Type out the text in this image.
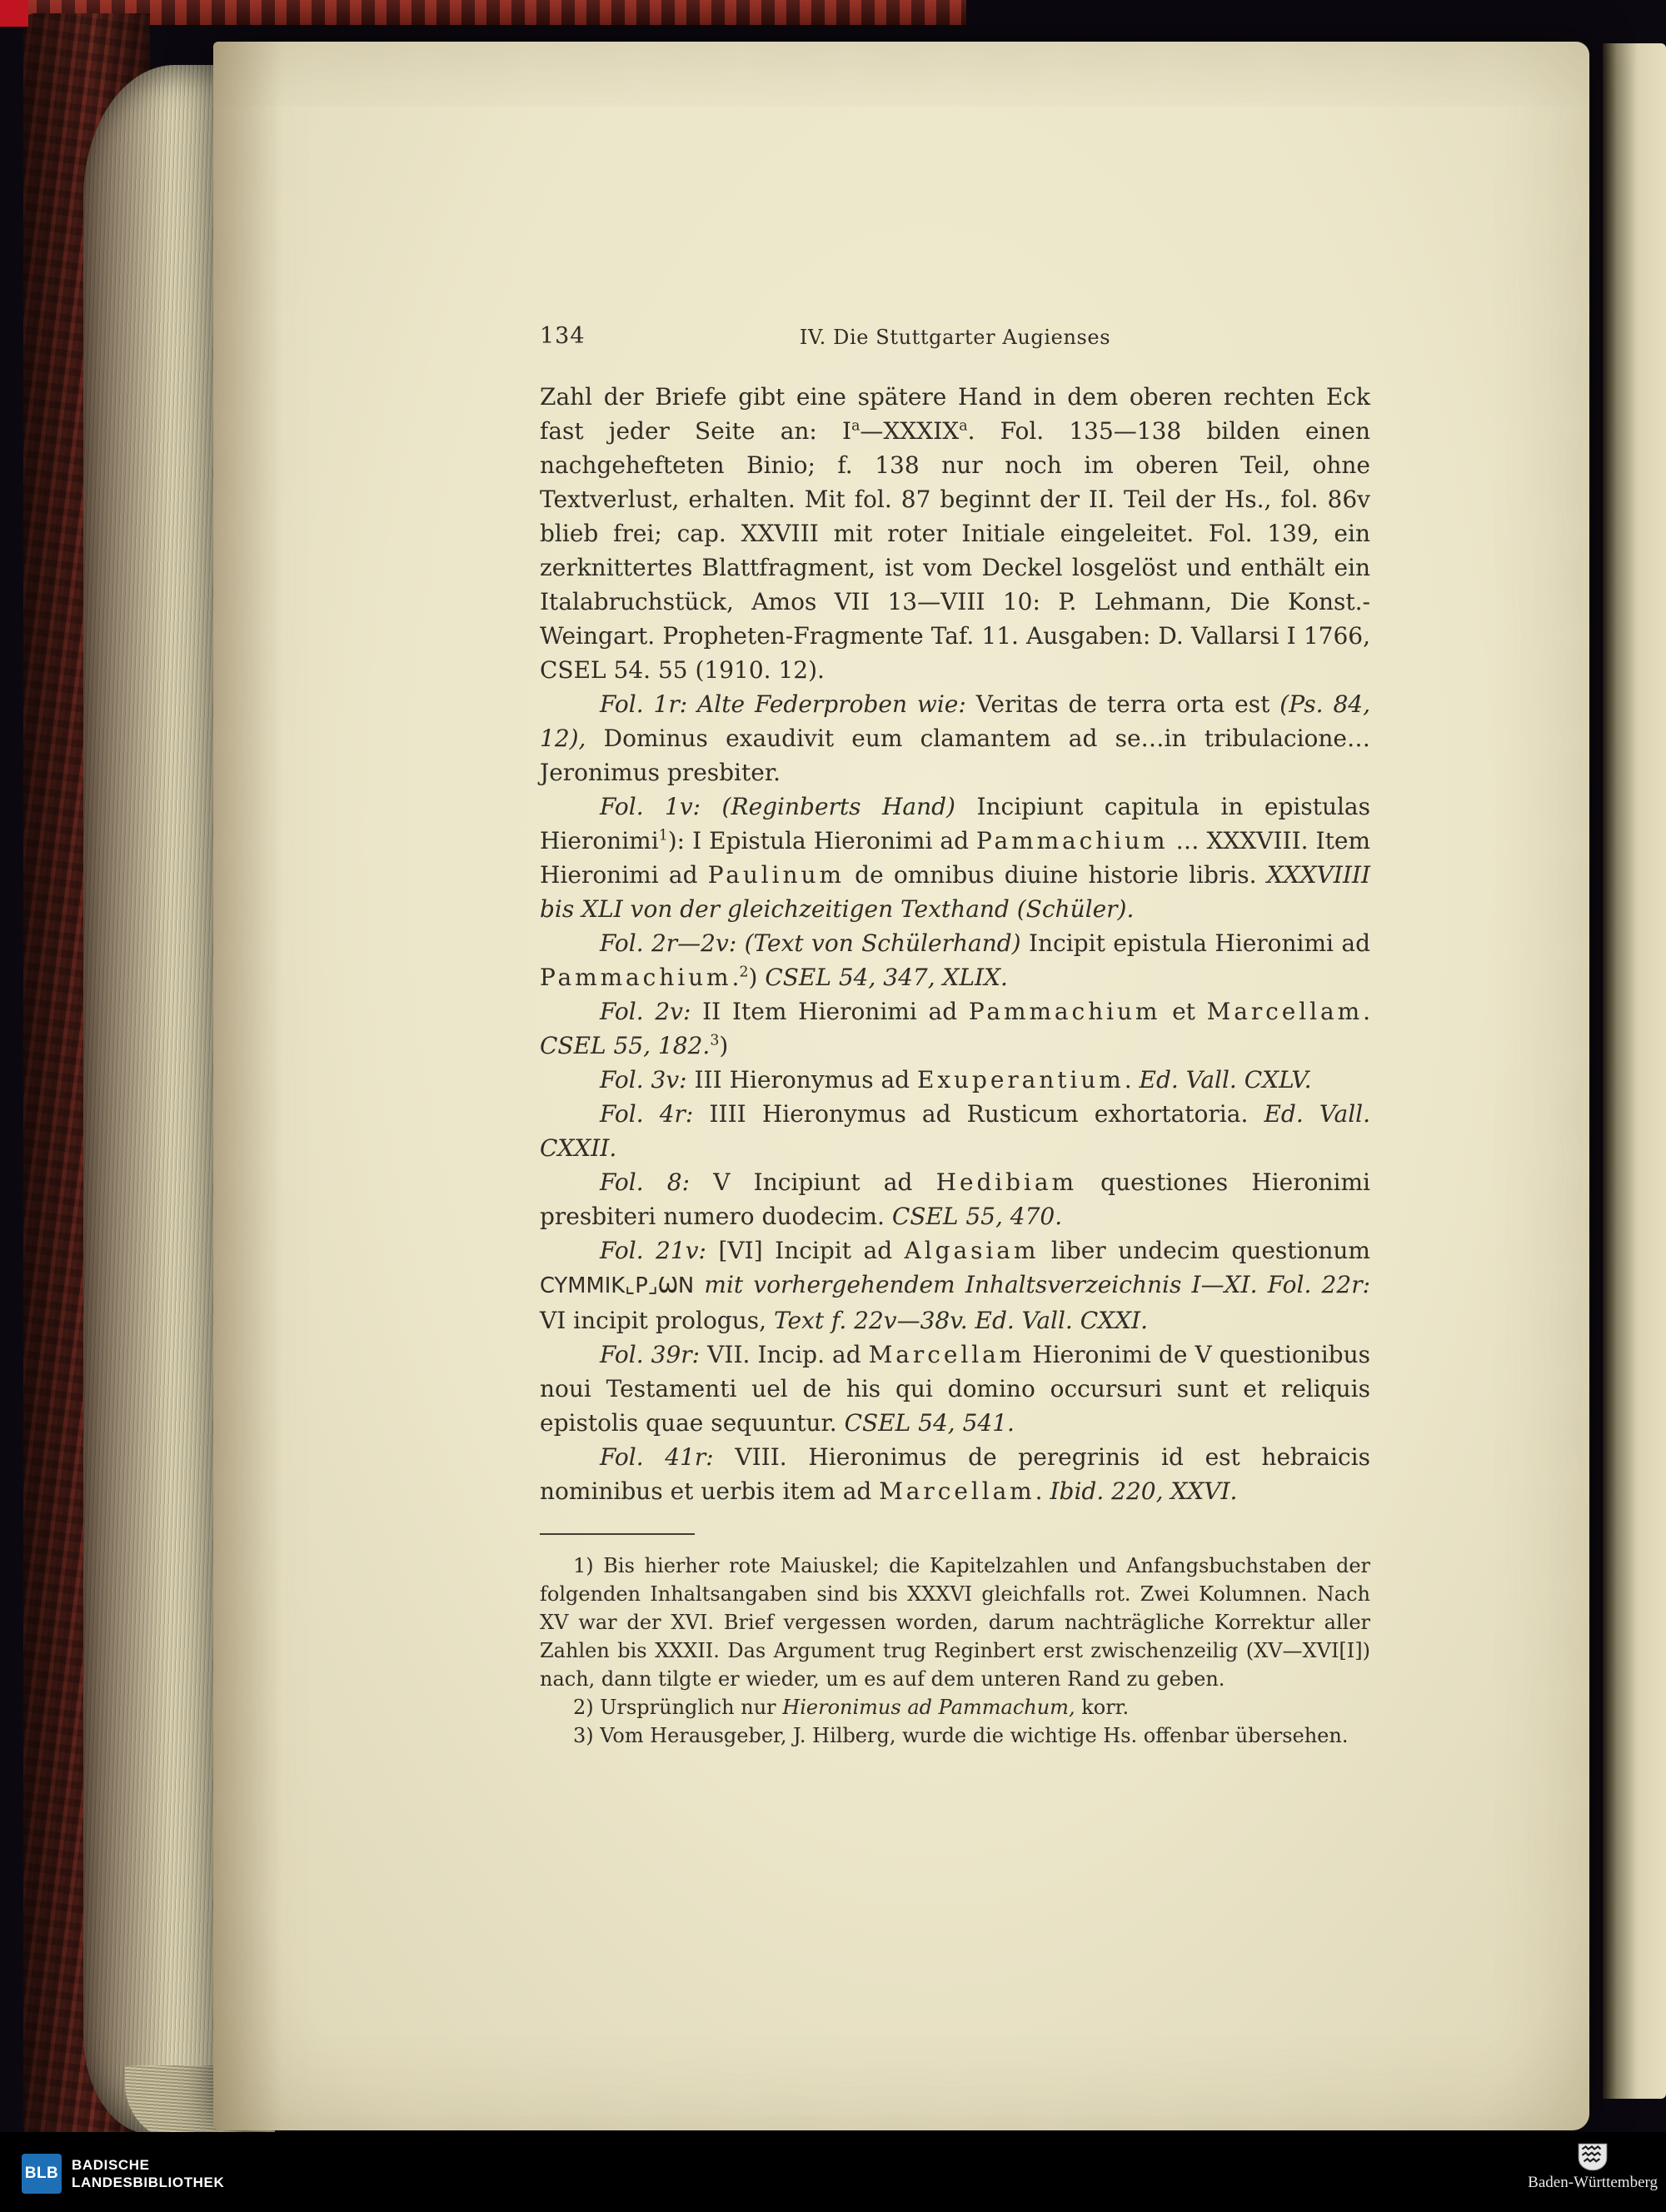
134	IV. Die Stuttgarter Augienses

Zahl der Briefe gibt eine spätere Hand in dem oberen rechten Eck fast jeder Seite an: $I^a—XXXIX^a$. Fol. 135—138 bilden einen nachgehefteten Binio; f. 138 nur noch im oberen Teil, ohne Textverlust, erhalten. Mit fol. 87 beginnt der II. Teil der Hs., fol. 86v blieb frei; cap. XXVIII mit roter Initiale eingeleitet. Fol. 139, ein zerknittertes Blattfragment, ist vom Deckel losgelöst und enthält ein Italabruchstück, Amos VII 13—VIII 10: P. Lehmann, Die Konst.-Weingart. Propheten-Fragmente Taf. 11. Ausgaben: D. Vallarsi I 1766, CSEL 54. 55 (1910. 12).

Fol. 1r: Alte Federproben wie: Veritas de terra orta est (Ps. 84, 12), Dominus exaudivit eum clamantem ad se…in tribulacione…Jeronimus presbiter.

Fol. 1v: (Reginberts Hand) Incipiunt capitula in epistulas Hieronimi$^1$): I Epistula Hieronimi ad Pammachium … XXXVIII. Item Hieronimi ad Paulinum de omnibus diuine historie libris. XXXVIIII bis XLI von der gleichzeitigen Texthand (Schüler).

Fol. 2r—2v: (Text von Schülerhand) Incipit epistula Hieronimi ad Pammachium.$^2$) CSEL 54, 347, XLIX.

Fol. 2v: II Item Hieronimi ad Pammachium et Marcellam. CSEL 55, 182.$^3$)

Fol. 3v: III Hieronymus ad Exuperantium. Ed. Vall. CXLV.

Fol. 4r: IIII Hieronymus ad Rusticum exhortatoria. Ed. Vall. CXXII.

Fol. 8: V Incipiunt ad Hedibiam questiones Hieronimi presbiteri numero duodecim. CSEL 55, 470.

Fol. 21v: [VI] Incipit ad Algasiam liber undecim questionum CYMMIK⌞P⌟ѠN mit vorhergehendem Inhaltsverzeichnis I—XI. Fol. 22r: VI incipit prologus, Text f. 22v—38v. Ed. Vall. CXXI.

Fol. 39r: VII. Incip. ad Marcellam Hieronimi de V questionibus noui Testamenti uel de his qui domino occursuri sunt et reliquis epistolis quae sequuntur. CSEL 54, 541.

Fol. 41r: VIII. Hieronimus de peregrinis id est hebraicis nominibus et uerbis item ad Marcellam. Ibid. 220, XXVI.

1) Bis hierher rote Maiuskel; die Kapitelzahlen und Anfangsbuchstaben der folgenden Inhaltsangaben sind bis XXXVI gleichfalls rot. Zwei Kolumnen. Nach XV war der XVI. Brief vergessen worden, darum nachträgliche Korrektur aller Zahlen bis XXXII. Das Argument trug Reginbert erst zwischenzeilig (XV—XVI[I]) nach, dann tilgte er wieder, um es auf dem unteren Rand zu geben.

2) Ursprünglich nur Hieronimus ad Pammachum, korr.

3) Vom Herausgeber, J. Hilberg, wurde die wichtige Hs. offenbar übersehen.

BLB BADISCHE
LANDESBIBLIOTHEK	Baden-Württemberg
